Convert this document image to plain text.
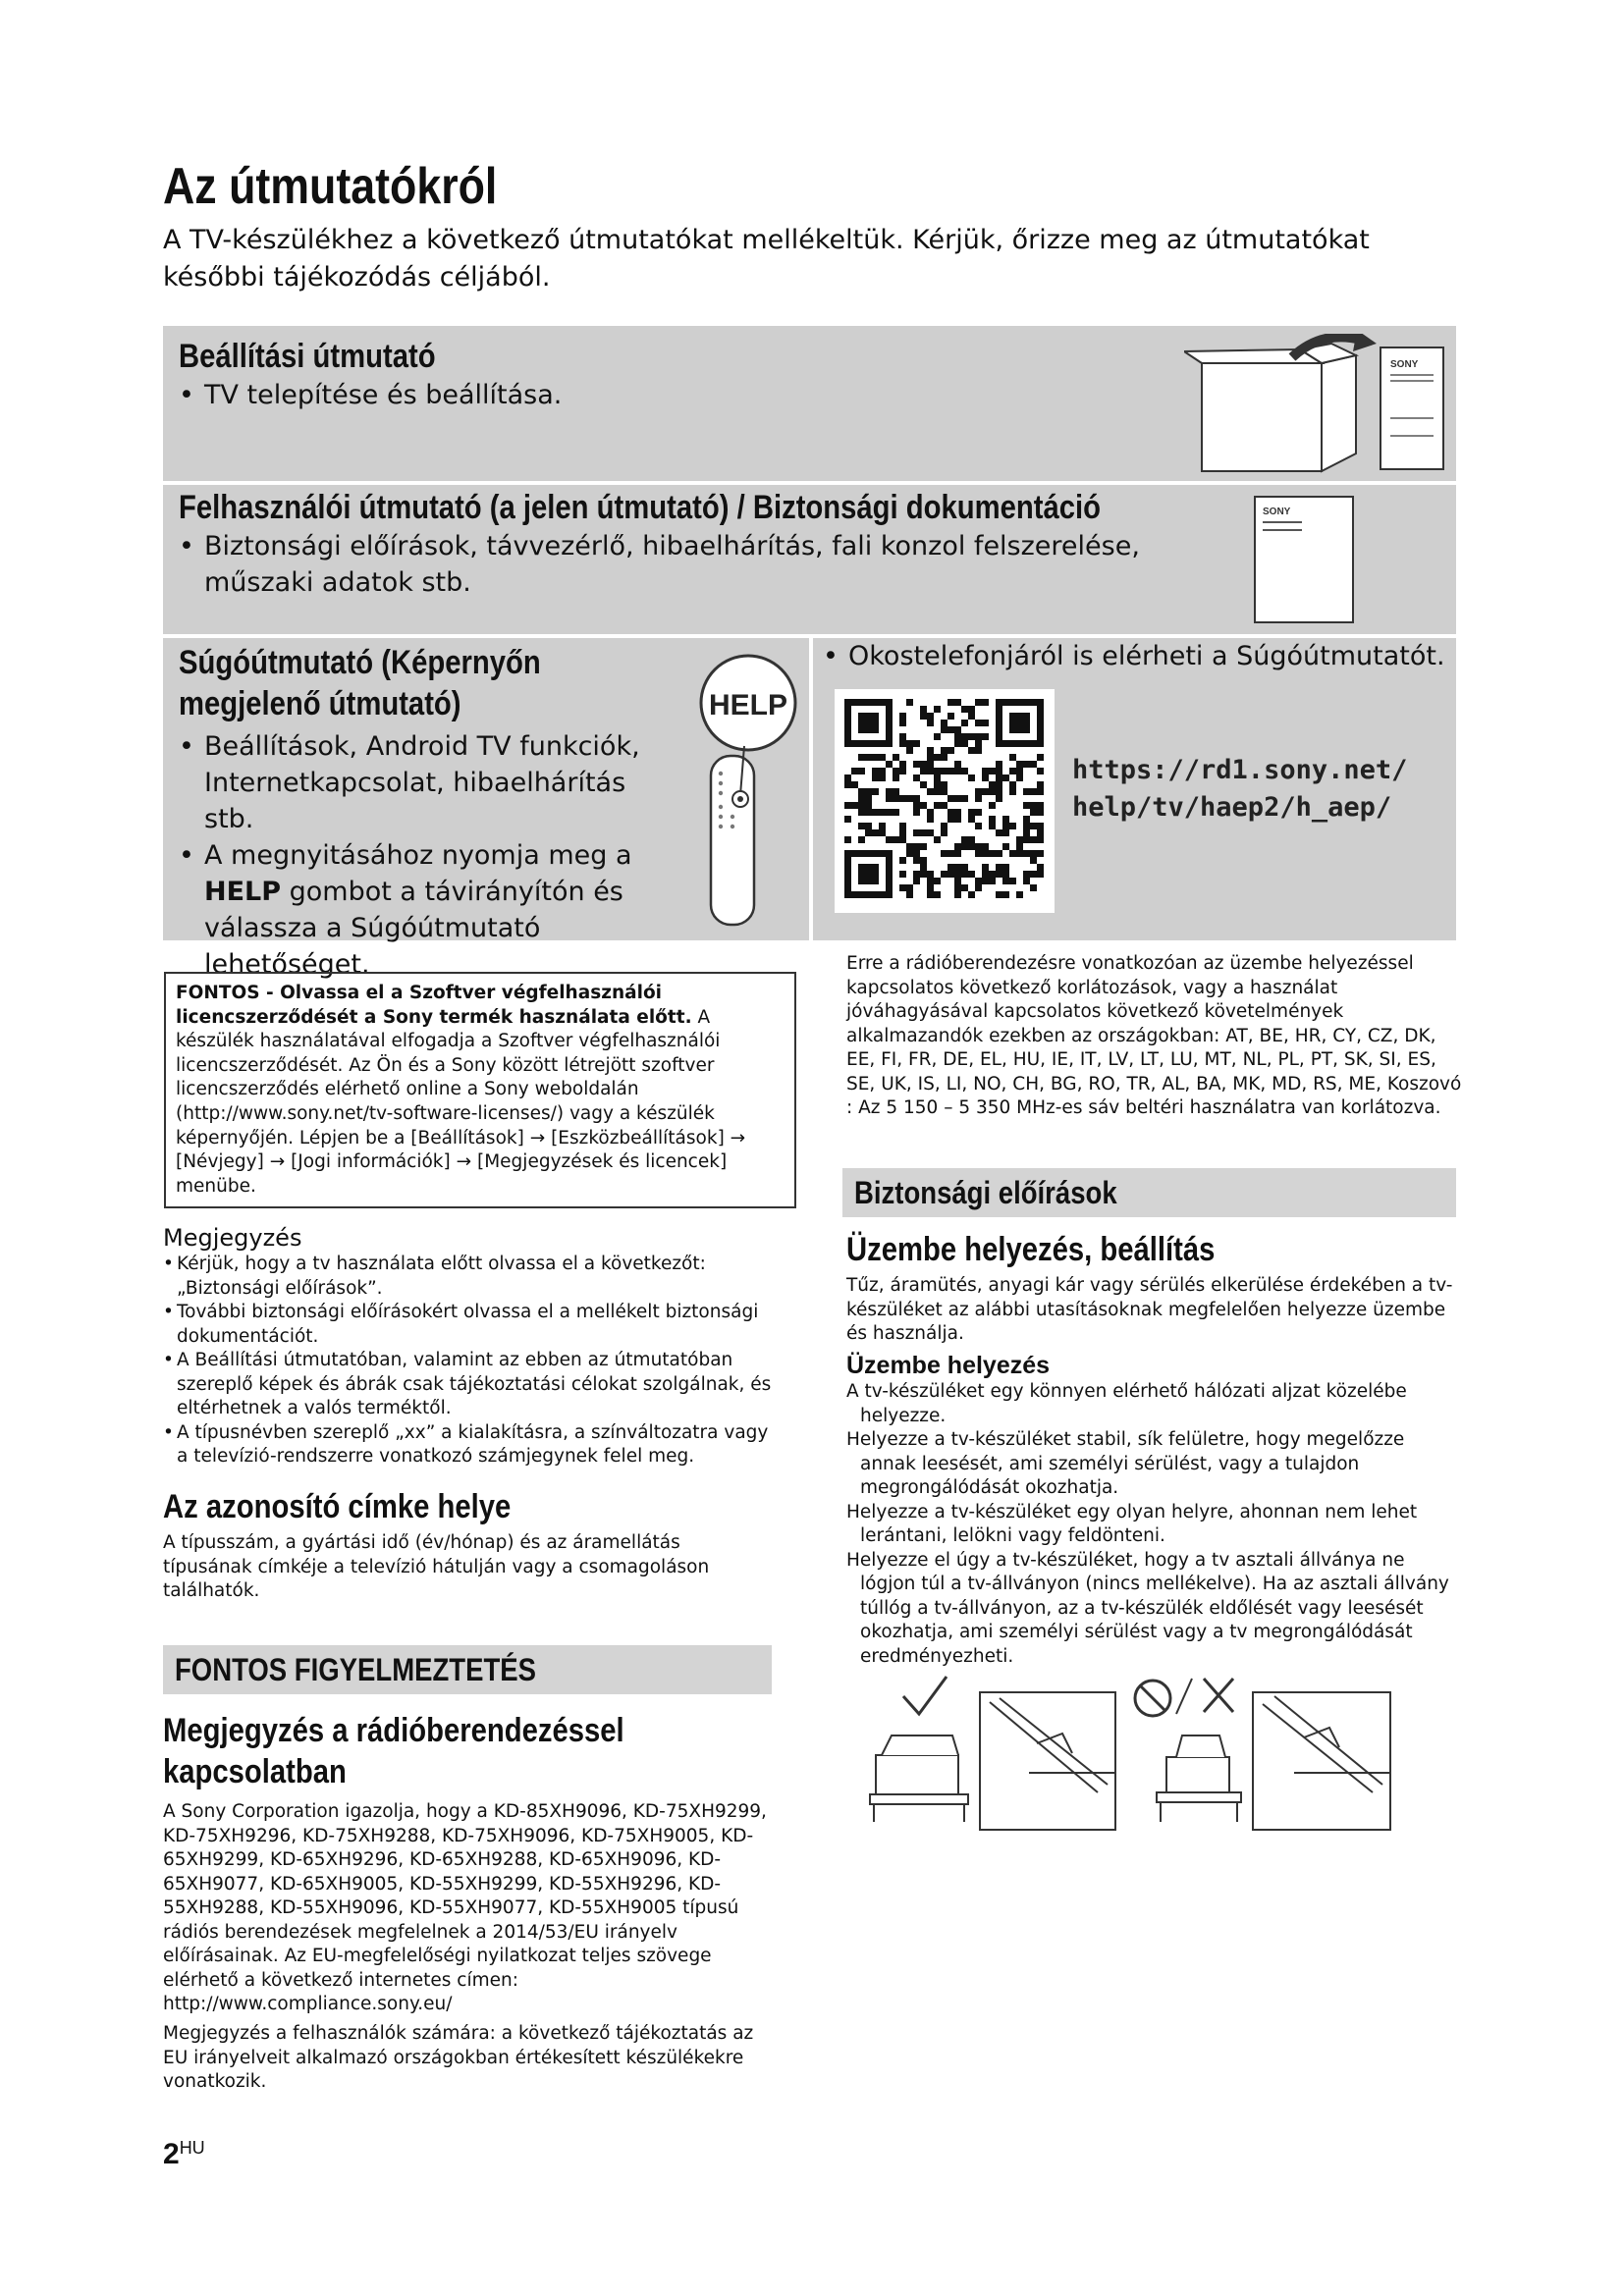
Az útmutatókról
A TV-készülékhez a következő útmutatókat mellékeltük. Kérjük, őrizze meg az útmutatókat későbbi tájékozódás céljából.
Beállítási útmutató
• TV telepítése és beállítása.
SONY
Felhasználói útmutató (a jelen útmutató) / Biztonsági dokumentáció
• Biztonsági előírások, távvezérlő, hibaelhárítás, fali konzol felszerelése, műszaki adatok stb.
SONY
Súgóútmutató (Képernyőn
megjelenő útmutató)
• Beállítások, Android TV funkciók,
Internetkapcsolat, hibaelhárítás stb.
• A megnyitásához nyomja meg a
HELP gombot a távirányítón és
válassza a Súgóútmutató
lehetőséget.
HELP
• Okostelefonjáról is elérheti a Súgóútmutatót.
https://rd1.sony.net/
help/tv/haep2/h_aep/
FONTOS - Olvassa el a Szoftver végfelhasználói licencszerződését a Sony termék használata előtt. A készülék használatával elfogadja a Szoftver végfelhasználói licencszerződését. Az Ön és a Sony között létrejött szoftver licencszerződés elérhető online a Sony weboldalán (http://www.sony.net/tv-software-licenses/) vagy a készülék képernyőjén. Lépjen be a [Beállítások] → [Eszközbeállítások] → [Névjegy] → [Jogi információk] → [Megjegyzések és licencek] menübe.
Megjegyzés
• Kérjük, hogy a tv használata előtt olvassa el a következőt: „Biztonsági előírások”.
• További biztonsági előírásokért olvassa el a mellékelt biztonsági dokumentációt.
• A Beállítási útmutatóban, valamint az ebben az útmutatóban szereplő képek és ábrák csak tájékoztatási célokat szolgálnak, és eltérhetnek a valós terméktől.
• A típusnévben szereplő „xx” a kialakításra, a színváltozatra vagy a televízió-rendszerre vonatkozó számjegynek felel meg.
Az azonosító címke helye
A típusszám, a gyártási idő (év/hónap) és az áramellátás típusának címkéje a televízió hátulján vagy a csomagoláson találhatók.
FONTOS FIGYELMEZTETÉS
Megjegyzés a rádióberendezéssel
kapcsolatban
A Sony Corporation igazolja, hogy a KD-85XH9096, KD-75XH9299, KD-75XH9296, KD-75XH9288, KD-75XH9096, KD-75XH9005, KD-65XH9299, KD-65XH9296, KD-65XH9288, KD-65XH9096, KD-65XH9077, KD-65XH9005, KD-55XH9299, KD-55XH9296, KD-55XH9288, KD-55XH9096, KD-55XH9077, KD-55XH9005 típusú rádiós berendezések megfelelnek a 2014/53/EU irányelv előírásainak. Az EU-megfelelőségi nyilatkozat teljes szövege elérhető a következő internetes címen:
http://www.compliance.sony.eu/
Megjegyzés a felhasználók számára: a következő tájékoztatás az EU irányelveit alkalmazó országokban értékesített készülékekre vonatkozik.
Erre a rádióberendezésre vonatkozóan az üzembe helyezéssel kapcsolatos következő korlátozások, vagy a használat jóváhagyásával kapcsolatos következő követelmények alkalmazandók ezekben az országokban: AT, BE, HR, CY, CZ, DK, EE, FI, FR, DE, EL, HU, IE, IT, LV, LT, LU, MT, NL, PL, PT, SK, SI, ES, SE, UK, IS, LI, NO, CH, BG, RO, TR, AL, BA, MK, MD, RS, ME, Koszovó : Az 5 150 – 5 350 MHz-es sáv beltéri használatra van korlátozva.
Biztonsági előírások
Üzembe helyezés, beállítás
Tűz, áramütés, anyagi kár vagy sérülés elkerülése érdekében a tv-készüléket az alábbi utasításoknak megfelelően helyezze üzembe és használja.
Üzembe helyezés
A tv-készüléket egy könnyen elérhető hálózati aljzat közelébe helyezze.
Helyezze a tv-készüléket stabil, sík felületre, hogy megelőzze annak leesését, ami személyi sérülést, vagy a tulajdon megrongálódását okozhatja.
Helyezze a tv-készüléket egy olyan helyre, ahonnan nem lehet lerántani, lelökni vagy feldönteni.
Helyezze el úgy a tv-készüléket, hogy a tv asztali állványa ne lógjon túl a tv-állványon (nincs mellékelve). Ha az asztali állvány túllóg a tv-állványon, az a tv-készülék eldőlését vagy leesését okozhatja, ami személyi sérülést vagy a tv megrongálódását eredményezheti.
$2^{HU}$
